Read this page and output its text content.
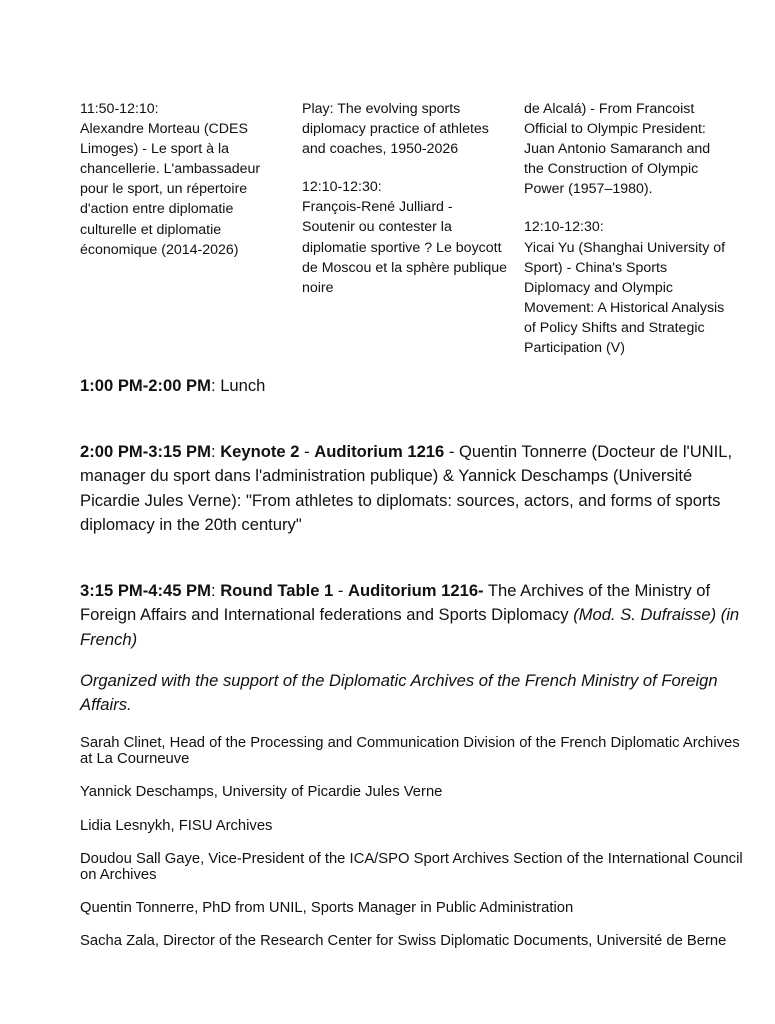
11:50-12:10:
Alexandre Morteau (CDES Limoges) - Le sport à la chancellerie. L'ambassadeur pour le sport, un répertoire d'action entre diplomatie culturelle et diplomatie économique (2014-2026)

Play: The evolving sports diplomacy practice of athletes and coaches, 1950-2026

12:10-12:30:
François-René Julliard - Soutenir ou contester la diplomatie sportive ? Le boycott de Moscou et la sphère publique noire

de Alcalá) - From Francoist Official to Olympic President: Juan Antonio Samaranch and the Construction of Olympic Power (1957–1980).

12:10-12:30:
Yicai Yu (Shanghai University of Sport) - China's Sports Diplomacy and Olympic Movement: A Historical Analysis of Policy Shifts and Strategic Participation (V)

1:00 PM-2:00 PM: Lunch

2:00 PM-3:15 PM: Keynote 2 - Auditorium 1216 - Quentin Tonnerre (Docteur de l'UNIL, manager du sport dans l'administration publique) & Yannick Deschamps (Université Picardie Jules Verne): "From athletes to diplomats: sources, actors, and forms of sports diplomacy in the 20th century"

3:15 PM-4:45 PM: Round Table 1 - Auditorium 1216- The Archives of the Ministry of Foreign Affairs and International federations and Sports Diplomacy (Mod. S. Dufraisse) (in French)

Organized with the support of the Diplomatic Archives of the French Ministry of Foreign Affairs.

Sarah Clinet, Head of the Processing and Communication Division of the French Diplomatic Archives at La Courneuve

Yannick Deschamps, University of Picardie Jules Verne

Lidia Lesnykh, FISU Archives

Doudou Sall Gaye, Vice-President of the ICA/SPO Sport Archives Section of the International Council on Archives

Quentin Tonnerre, PhD from UNIL, Sports Manager in Public Administration

Sacha Zala, Director of the Research Center for Swiss Diplomatic Documents, Université de Berne
